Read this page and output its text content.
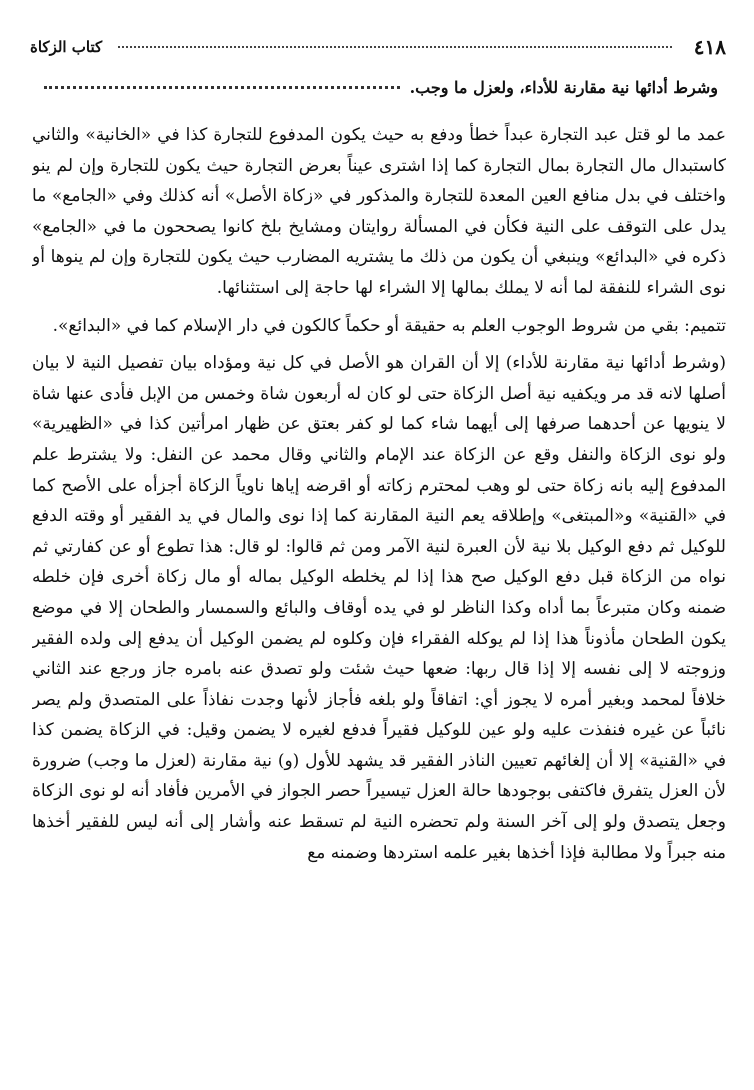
٤١٨
كتاب الزكاة
وشرط أدائها نية مقارنة للأداء، ولعزل ما وجب.

عمد ما لو قتل عبد التجارة عبداً خطأ ودفع به حيث يكون المدفوع للتجارة كذا في «الخانية» والثاني كاستبدال مال التجارة بمال التجارة كما إذا اشترى عيناً بعرض التجارة حيث يكون للتجارة وإن لم ينو واختلف في بدل منافع العين المعدة للتجارة والمذكور في «زكاة الأصل» أنه كذلك وفي «الجامع» ما يدل على التوقف على النية فكأن في المسألة روايتان ومشايخ بلخ كانوا يصححون ما في «الجامع» ذكره في «البدائع» وينبغي أن يكون من ذلك ما يشتريه المضارب حيث يكون للتجارة وإن لم ينوها أو نوى الشراء للنفقة لما أنه لا يملك بمالها إلا الشراء لها حاجة إلى استثنائها.

تتميم: بقي من شروط الوجوب العلم به حقيقة أو حكماً كالكون في دار الإسلام كما في «البدائع».

(وشرط أدائها نية مقارنة للأداء) إلا أن القران هو الأصل في كل نية ومؤداه بيان تفصيل النية لا بيان أصلها لانه قد مر ويكفيه نية أصل الزكاة حتى لو كان له أربعون شاة وخمس من الإبل فأدى عنها شاة لا ينويها عن أحدهما صرفها إلى أيهما شاء كما لو كفر بعتق عن ظهار امرأتين كذا في «الظهيرية» ولو نوى الزكاة والنفل وقع عن الزكاة عند الإمام والثاني وقال محمد عن النفل: ولا يشترط علم المدفوع إليه بانه زكاة حتى لو وهب لمحترم زكاته أو اقرضه إياها ناوياً الزكاة أجزأه على الأصح كما في «القنية» و«المبتغى» وإطلاقه يعم النية المقارنة كما إذا نوى والمال في يد الفقير أو وقته الدفع للوكيل ثم دفع الوكيل بلا نية لأن العبرة لنية الآمر ومن ثم قالوا: لو قال: هذا تطوع أو عن كفارتي ثم نواه من الزكاة قبل دفع الوكيل صح هذا إذا لم يخلطه الوكيل بماله أو مال زكاة أخرى فإن خلطه ضمنه وكان متبرعاً بما أداه وكذا الناظر لو في يده أوقاف والبائع والسمسار والطحان إلا في موضع يكون الطحان مأذوناً هذا إذا لم يوكله الفقراء فإن وكلوه لم يضمن الوكيل أن يدفع إلى ولده الفقير وزوجته لا إلى نفسه إلا إذا قال ربها: ضعها حيث شئت ولو تصدق عنه بامره جاز ورجع عند الثاني خلافاً لمحمد وبغير أمره لا يجوز أي: اتفاقاً ولو بلغه فأجاز لأنها وجدت نفاذاً على المتصدق ولم يصر نائباً عن غيره فنفذت عليه ولو عين للوكيل فقيراً فدفع لغيره لا يضمن وقيل: في الزكاة يضمن كذا في «القنية» إلا أن إلغائهم تعيين الناذر الفقير قد يشهد للأول (و) نية مقارنة (لعزل ما وجب) ضرورة لأن العزل يتفرق فاكتفى بوجودها حالة العزل تيسيراً حصر الجواز في الأمرين فأفاد أنه لو نوى الزكاة وجعل يتصدق ولو إلى آخر السنة ولم تحضره النية لم تسقط عنه وأشار إلى أنه ليس للفقير أخذها منه جبراً ولا مطالبة فإذا أخذها بغير علمه استردها وضمنه مع
